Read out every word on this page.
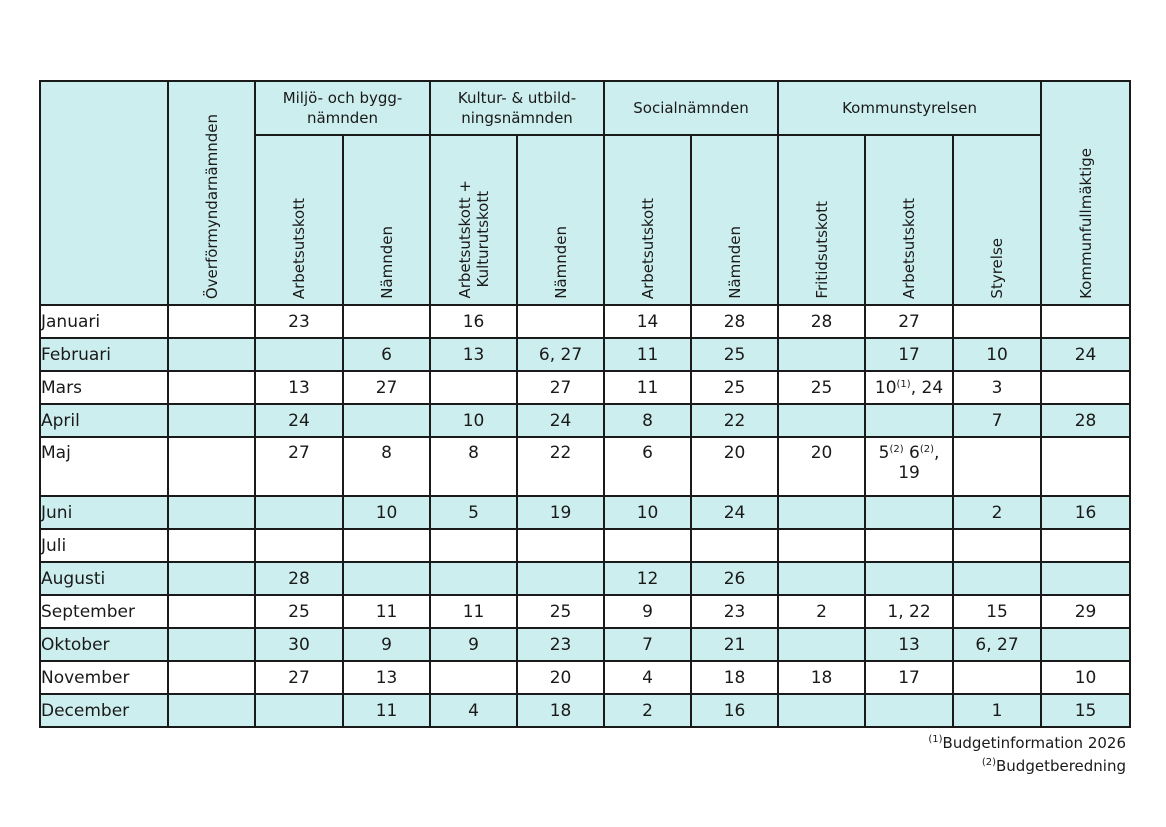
	Överförmyndarnämnden	Miljö- och bygg-
nämnden		Kultur- & utbild-
ningsnämnden		Socialnämnden		Kommunstyrelsen			Kommunfullmäktige
		Arbetsutskott	Nämnden	Arbetsutskott +
Kulturutskott	Nämnden	Arbetsutskott	Nämnden	Fritidsutskott	Arbetsutskott	Styrelse	
Januari		23		16		14	28	28	27		
Februari			6	13	6, 27	11	25		17	10	24
Mars		13	27		27	11	25	25	10$^{(1)}$, 24	3	
April		24		10	24	8	22			7	28
Maj		27	8	8	22	6	20	20	5$^{(2)}$ 6$^{(2)}$,
19		
Juni			10	5	19	10	24			2	16
Juli											
Augusti		28				12	26				
September		25	11	11	25	9	23	2	1, 22	15	29
Oktober		30	9	9	23	7	21		13	6, 27	
November		27	13		20	4	18	18	17		10
December			11	4	18	2	16			1	15
$^{(1)}$Budgetinformation 2026
$^{(2)}$Budgetberedning
